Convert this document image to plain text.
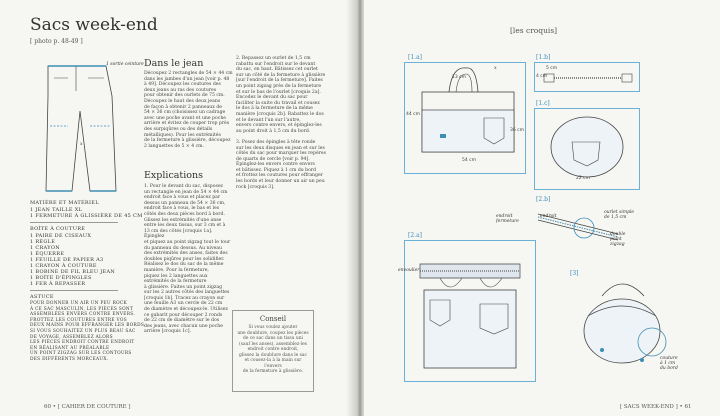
Sacs week-end
[ photo p. 48-49 ]
1 sortie ceinture
x
MATIÈRE ET MATÉRIEL
1 JEAN TAILLE XL
1 FERMETURE À GLISSIÈRE DE 45 CM
BOÎTE À COUTURE
1 PAIRE DE CISEAUX
1 RÈGLE
1 CRAYON
1 ÉQUERRE
1 FEUILLE DE PAPIER A3
1 CRAYON À COUTURE
1 BOBINE DE FIL BLEU JEAN
1 BOÎTE D'ÉPINGLES
1 FER À REPASSER
ASTUCE
POUR DONNER UN AIR UN PEU ROCK
À CE SAC MASCULIN, LES PIÈCES SONT
ASSEMBLÉES ENVERS CONTRE ENVERS.
FROTTEZ LES COUTURES ENTRE VOS
DEUX MAINS POUR EFFRANGER LES BORDS.
SI VOUS SOUHAITEZ UN PLUS BEAU SAC
DE VOYAGE, ASSEMBLEZ ALORS
LES PIÈCES ENDROIT CONTRE ENDROIT
EN RÉALISANT AU PRÉALABLE
UN POINT ZIGZAG SUR LES CONTOURS
DES DIFFÉRENTS MORCEAUX.
Dans le jean
Découpez 2 rectangles de 54 × 44 cm
dans les jambes d'un jean [voir p. 48
à 49]. Découpez les coutures des
deux jeans au ras des coutures
pour obtenir des ourlets de 75 cm.
Découpez le haut des deux jeans
de façon à obtenir 2 panneaux de
54 × 36 cm (choisissez un cadrage
avec une poche avant et une poche
arrière et évitez de couper trop près
des surpiqûres ou des détails
métalliques). Pour les extrémités
de la fermeture à glissière, découpez
2 languettes de 5 × 4 cm.
Explications
1. Pour le devant du sac, disposez
un rectangle en jean de 54 × 44 cm
endroit face à vous et placez par
dessus un panneau de 54 × 36 cm,
endroit face à vous, le bas et les
côtés des deux pièces bord à bord.
Glissez les extrémités d'une anse
entre les deux tissus, sur 3 cm et à
13 cm des côtés [croquis 1a]. Épinglez
et piquez au point zigzag tout le tour
du panneau du dessus. Au niveau
des extrémités des anses, faites des
doubles piqûres pour les solidifier.
Réalisez le dos du sac de la même
manière. Pour la fermeture,
piquez les 2 languettes aux
extrémités de la fermeture
à glissière. Faites un point zigzag
sur les 2 autres côtés des languettes
[croquis 1b]. Tracez au crayon sur
une feuille A3 un cercle de 22 cm
de diamètre et découpez-le. Utilisez
ce gabarit pour découper 2 ronds
de 22 cm de diamètre sur le dos
des jeans, avec chacun une poche
arrière [croquis 1c].
2. Repassez un ourlet de 1,5 cm
rabattu sur l'endroit sur le devant
du sac, en haut. Bâtissez cet ourlet
sur un côté de la fermeture à glissière
[sur l'endroit de la fermeture]. Faites
un point zigzag près de la fermeture
et sur le bas de l'ourlet [croquis 2a].
Encodez le devant du sac pour
faciliter la suite du travail et cousez
le dos à la fermeture de la même
manière [croquis 2b]. Rabattez le dos
et le devant l'un sur l'autre,
envers contre envers, et épinglez-les
au point droit à 1,5 cm du bord.

3. Posez des épingles à tête ronde
sur les deux disques en jean et sur les
côtés du sac pour marquer les repères
de quarts de cercle [voir p. 94].
Épinglez-les envers contre envers
et bâtissez. Piquez à 1 cm du bord
et frottez les coutures pour effranger
les bords et leur donner un air un peu
rock [croquis 3].
Conseil
Si vous voulez ajouter
une doublure, coupez les pièces
de ce sac dans un tissu uni
(sauf les anses), assemblez-les
endroit contre endroit,
glissez la doublure dans le sac
et cousez-la à la main sur l'envers
de la fermeture à glissière.
60 • [ CAHIER DE COUTURE ]
[les croquis]
[1.a]
44 cm
36 cm
54 cm
13 cm
x
[1.b]
5 cm
4 cm
[1.c]
22 cm
[2.b]
endroit
fermeture
endroit
ourlet simple
de 1,5 cm
double
point
zigzag
[2.a]
envoulier	[3]
couture
à 1 cm
du bord
[ SACS WEEK-END ] • 61
